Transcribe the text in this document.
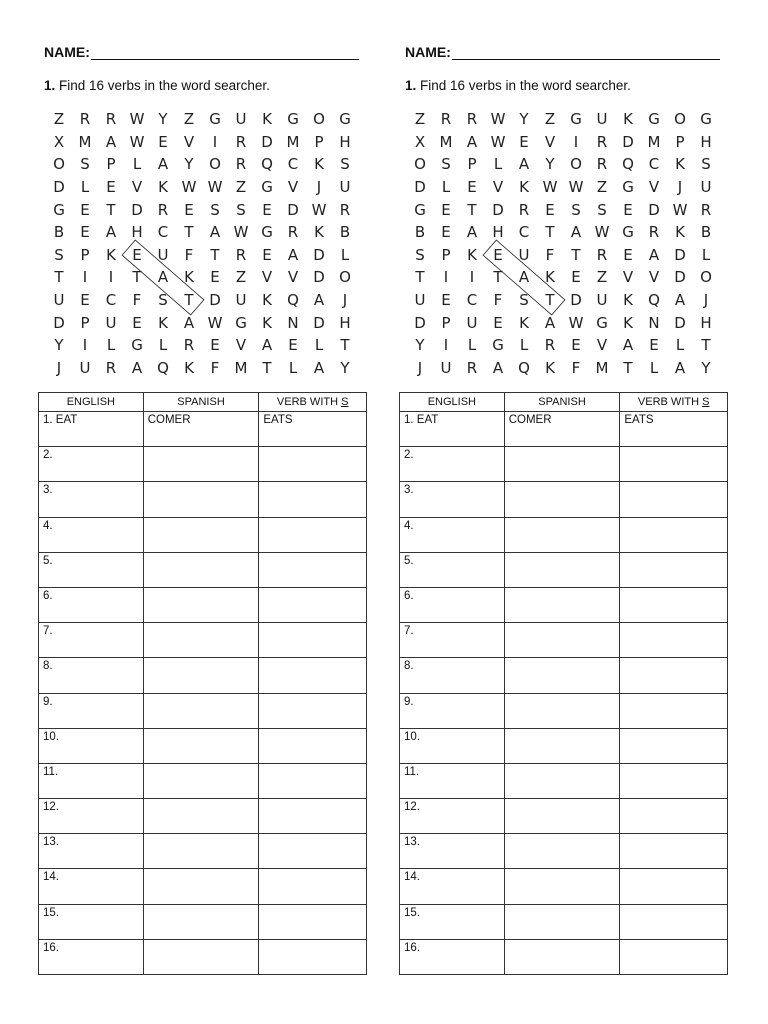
NAME:
1. Find 16 verbs in the word searcher.
Z	R	R W Y	Z	G U	K	G O G
X M A W E	V	I	R	D M	P	H
O	S	P	L	A	Y	O R Q C	K	S
D	L	E	V	K W W Z	G	V	J	U
G	E	T	D	R	E	S	S	E	D W R
B	E	A	H	C	T	A W G R	K	B
S	P	K	E	U	F	T	R	E	A	D	L
T	I	I	T	A	K	E	Z	V	V	D O
U	E	C	F	S	T	D U	K	Q A	J
D	P	U	E	K	A W G	K	N D H
Y	I	L	G	L	R	E	V	A	E	L	T
J	U	R	A Q	K	F	M T	L	A	Y
ENGLISH	SPANISH	VERB WITH S
1. EAT	COMER	EATS
2.		
3.		
4.		
5.		
6.		
7.		
8.		
9.		
10.		
11.		
12.		
13.		
14.		
15.		
16.		
NAME:
1. Find 16 verbs in the word searcher.
Z	R	R W Y	Z	G U	K	G O G
X M A W E	V	I	R	D M	P	H
O	S	P	L	A	Y	O R Q C	K	S
D	L	E	V	K W W Z	G	V	J	U
G	E	T	D	R	E	S	S	E	D W R
B	E	A	H	C	T	A W G R	K	B
S	P	K	E	U	F	T	R	E	A	D	L
T	I	I	T	A	K	E	Z	V	V	D O
U	E	C	F	S	T	D U	K	Q A	J
D	P	U	E	K	A W G	K	N D H
Y	I	L	G	L	R	E	V	A	E	L	T
J	U	R	A Q	K	F	M T	L	A	Y
ENGLISH	SPANISH	VERB WITH S
1. EAT	COMER	EATS
2.		
3.		
4.		
5.		
6.		
7.		
8.		
9.		
10.		
11.		
12.		
13.		
14.		
15.		
16.		
